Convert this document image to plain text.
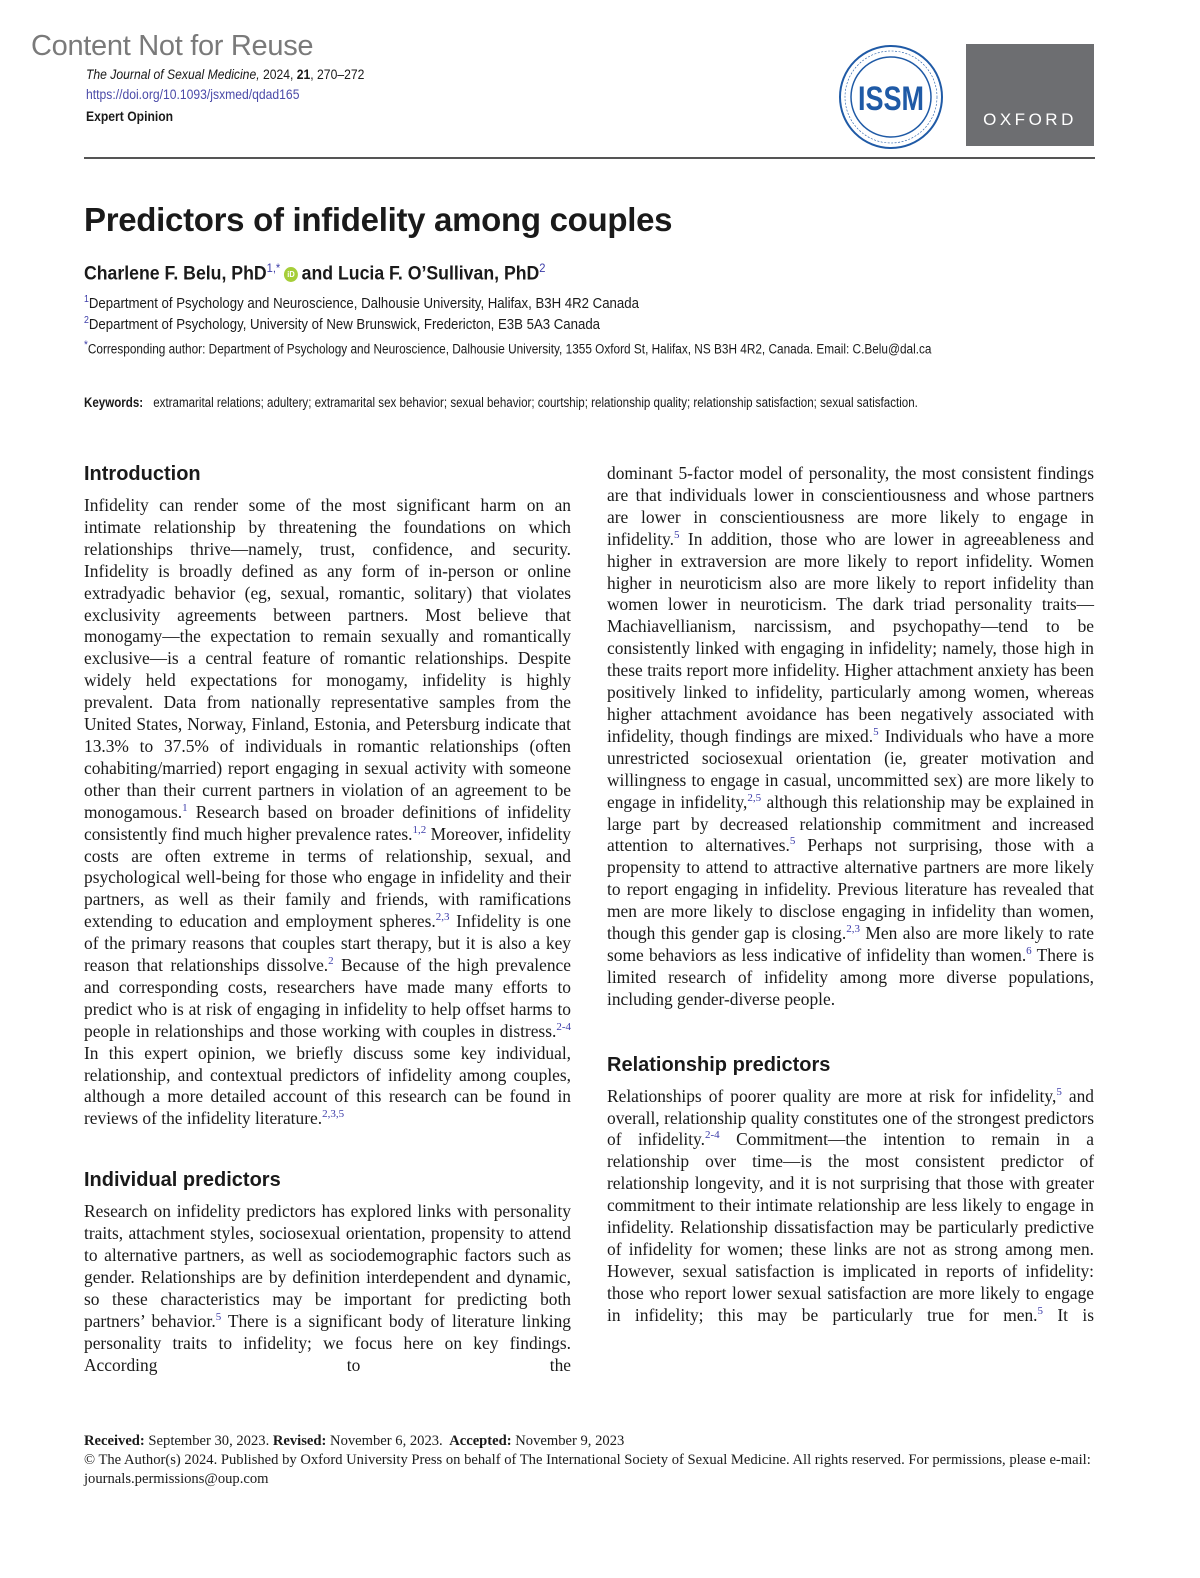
Content Not for Reuse
The Journal of Sexual Medicine, 2024, 21, 270–272
https://doi.org/10.1093/jsxmed/qdad165
Expert Opinion	ISSM
OXFORD
Predictors of infidelity among couples
Charlene F. Belu, PhD$^{1,*}$ iD and Lucia F. O’Sullivan, PhD$^2$
$^1$Department of Psychology and Neuroscience, Dalhousie University, Halifax, B3H 4R2 Canada
$^2$Department of Psychology, University of New Brunswick, Fredericton, E3B 5A3 Canada
*Corresponding author: Department of Psychology and Neuroscience, Dalhousie University, 1355 Oxford St, Halifax, NS B3H 4R2, Canada. Email: C.Belu@dal.ca
Keywords: extramarital relations; adultery; extramarital sex behavior; sexual behavior; courtship; relationship quality; relationship satisfaction; sexual satisfaction.
Introduction

Infidelity can render some of the most significant harm on an intimate relationship by threatening the foundations on which relationships thrive—namely, trust, confidence, and security. Infidelity is broadly defined as any form of in-person or online extradyadic behavior (eg, sexual, romantic, solitary) that violates exclusivity agreements between partners. Most believe that monogamy—the expectation to remain sexually and romantically exclusive—is a central feature of romantic relationships. Despite widely held expectations for monogamy, infidelity is highly prevalent. Data from nationally representative samples from the United States, Norway, Finland, Estonia, and Petersburg indicate that 13.3% to 37.5% of individuals in romantic relationships (often cohabiting/married) report engaging in sexual activity with someone other than their current partners in violation of an agreement to be monogamous.$^1$ Research based on broader definitions of infidelity consistently find much higher prevalence rates.$^{1,2}$ Moreover, infidelity costs are often extreme in terms of relationship, sexual, and psychological well-being for those who engage in infidelity and their partners, as well as their family and friends, with ramifications extending to education and employment spheres.$^{2,3}$ Infidelity is one of the primary reasons that couples start therapy, but it is also a key reason that relationships dissolve.$^2$ Because of the high prevalence and corresponding costs, researchers have made many efforts to predict who is at risk of engaging in infidelity to help offset harms to people in relationships and those working with couples in distress.$^{2-4}$ In this expert opinion, we briefly discuss some key individual, relationship, and contextual predictors of infidelity among couples, although a more detailed account of this research can be found in reviews of the infidelity literature.$^{2,3,5}$

Individual predictors

Research on infidelity predictors has explored links with personality traits, attachment styles, sociosexual orientation, propensity to attend to alternative partners, as well as sociodemographic factors such as gender. Relationships are by definition interdependent and dynamic, so these characteristics may be important for predicting both partners’ behavior.$^5$ There is a significant body of literature linking personality traits to infidelity; we focus here on key findings. According to the

dominant 5-factor model of personality, the most consistent findings are that individuals lower in conscientiousness and whose partners are lower in conscientiousness are more likely to engage in infidelity.$^5$ In addition, those who are lower in agreeableness and higher in extraversion are more likely to report infidelity. Women higher in neuroticism also are more likely to report infidelity than women lower in neuroticism. The dark triad personality traits—Machiavellianism, narcissism, and psychopathy—tend to be consistently linked with engaging in infidelity; namely, those high in these traits report more infidelity. Higher attachment anxiety has been positively linked to infidelity, particularly among women, whereas higher attachment avoidance has been negatively associated with infidelity, though findings are mixed.$^5$ Individuals who have a more unrestricted sociosexual orientation (ie, greater motivation and willingness to engage in casual, uncommitted sex) are more likely to engage in infidelity,$^{2,5}$ although this relationship may be explained in large part by decreased relationship commitment and increased attention to alternatives.$^5$ Perhaps not surprising, those with a propensity to attend to attractive alternative partners are more likely to report engaging in infidelity. Previous literature has revealed that men are more likely to disclose engaging in infidelity than women, though this gender gap is closing.$^{2,3}$ Men also are more likely to rate some behaviors as less indicative of infidelity than women.$^6$ There is limited research of infidelity among more diverse populations, including gender-diverse people.

Relationship predictors

Relationships of poorer quality are more at risk for infidelity,$^5$ and overall, relationship quality constitutes one of the strongest predictors of infidelity.$^{2-4}$ Commitment—the intention to remain in a relationship over time—is the most consistent predictor of relationship longevity, and it is not surprising that those with greater commitment to their intimate relationship are less likely to engage in infidelity. Relationship dissatisfaction may be particularly predictive of infidelity for women; these links are not as strong among men. However, sexual satisfaction is implicated in reports of infidelity: those who report lower sexual satisfaction are more likely to engage in infidelity; this may be particularly true for men.$^5$ It is

Received: September 30, 2023. Revised: November 6, 2023.  Accepted: November 9, 2023
© The Author(s) 2024. Published by Oxford University Press on behalf of The International Society of Sexual Medicine. All rights reserved. For permissions, please e-mail: journals.permissions@oup.com
